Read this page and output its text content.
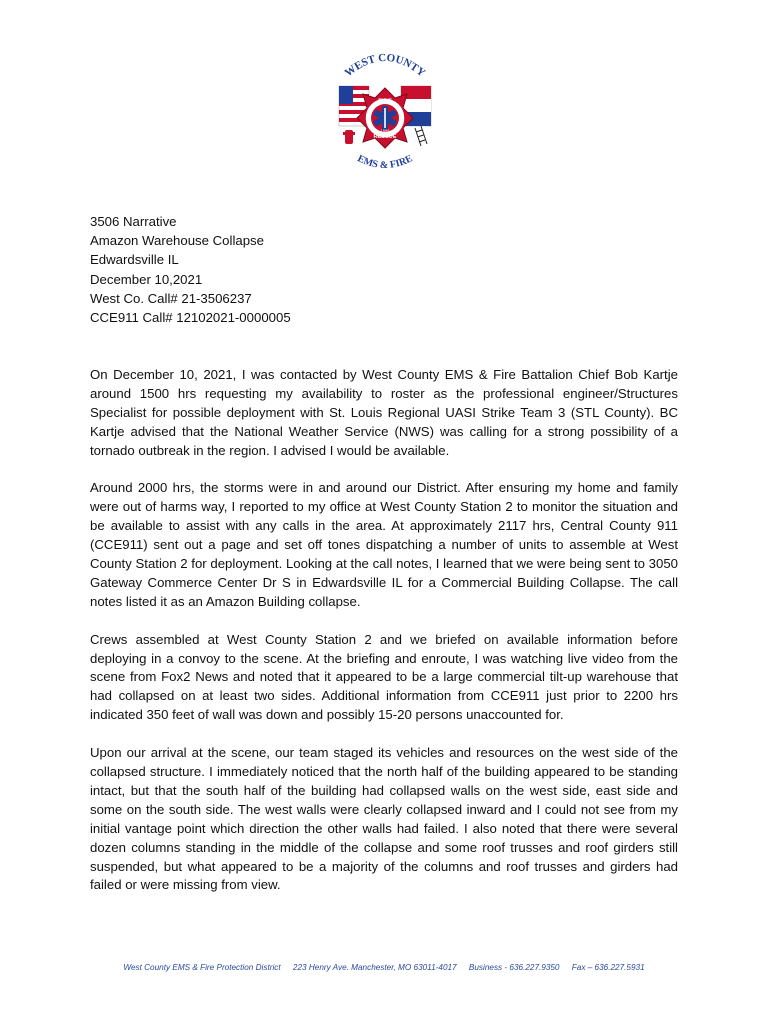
WEST COUNTY
FIRE
RESCUE
1998
EMS & FIRE
3506 Narrative
Amazon Warehouse Collapse
Edwardsville IL
December 10,2021
West Co. Call# 21-3506237
CCE911 Call# 12102021-0000005

On December 10, 2021, I was contacted by West County EMS & Fire Battalion Chief Bob Kartje around 1500 hrs requesting my availability to roster as the professional engineer/Structures Specialist for possible deployment with St. Louis Regional UASI Strike Team 3 (STL County). BC Kartje advised that the National Weather Service (NWS) was calling for a strong possibility of a tornado outbreak in the region. I advised I would be available.

Around 2000 hrs, the storms were in and around our District. After ensuring my home and family were out of harms way, I reported to my office at West County Station 2 to monitor the situation and be available to assist with any calls in the area. At approximately 2117 hrs, Central County 911 (CCE911) sent out a page and set off tones dispatching a number of units to assemble at West County Station 2 for deployment. Looking at the call notes, I learned that we were being sent to 3050 Gateway Commerce Center Dr S in Edwardsville IL for a Commercial Building Collapse. The call notes listed it as an Amazon Building collapse.

Crews assembled at West County Station 2 and we briefed on available information before deploying in a convoy to the scene. At the briefing and enroute, I was watching live video from the scene from Fox2 News and noted that it appeared to be a large commercial tilt-up warehouse that had collapsed on at least two sides. Additional information from CCE911 just prior to 2200 hrs indicated 350 feet of wall was down and possibly 15-20 persons unaccounted for.

Upon our arrival at the scene, our team staged its vehicles and resources on the west side of the collapsed structure. I immediately noticed that the north half of the building appeared to be standing intact, but that the south half of the building had collapsed walls on the west side, east side and some on the south side. The west walls were clearly collapsed inward and I could not see from my initial vantage point which direction the other walls had failed. I also noted that there were several dozen columns standing in the middle of the collapse and some roof trusses and roof girders still suspended, but what appeared to be a majority of the columns and roof trusses and girders had failed or were missing from view.

West County EMS & Fire Protection District 223 Henry Ave. Manchester, MO 63011-4017 Business - 636.227.9350 Fax – 636.227.5931
